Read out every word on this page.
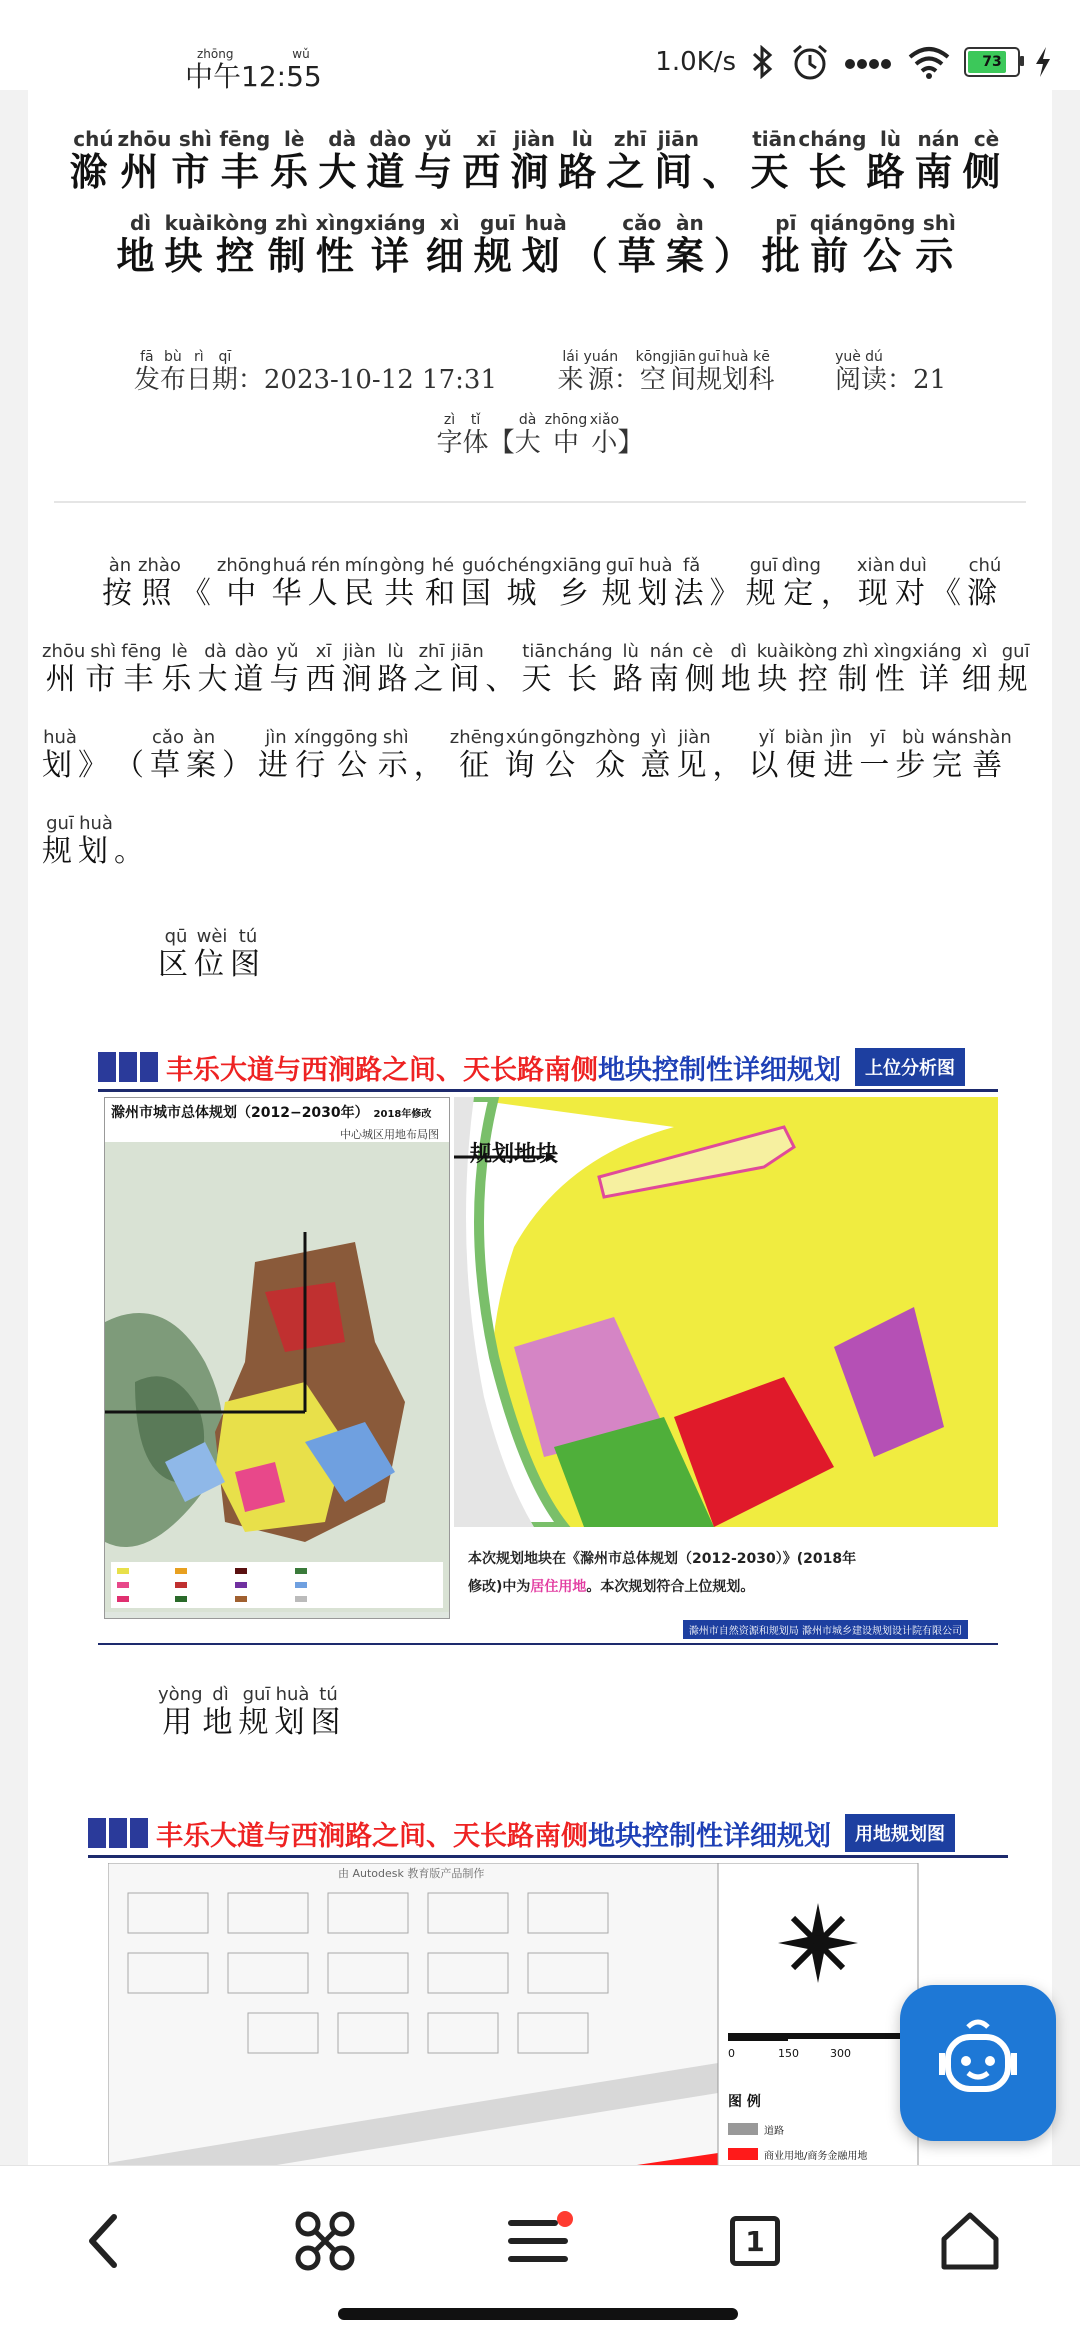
中午12:55zhōng wǔ	1.0K/s	73
滁chú州zhōu市shì丰fēng乐lè大dà道dào与yǔ西xī涧jiàn路lù之zhī间jiān、 天tiān长cháng路lù南nán侧cè地dì块kuài控kòng制zhì性xìng详xiáng细xì规guī划huà（ 草cǎo案àn） 批pī前qián公gōng示shì
发fā布bù日rì期qī：2023-10-12 17:31 来lái源yuán：空kōng间jiān规guī划huà科kē  阅yuè读dú：21
字zì体tǐ【大dà 中zhōng 小xiǎo】

按àn照zhào《 中zhōng华huá人rén民mín共gòng和hé国guó城chéng乡xiāng规guī划huà法fǎ》 规guī定dìng， 现xiàn对duì《 滁chú州zhōu市shì丰fēng乐lè大dà道dào与yǔ西xī涧jiàn路lù之zhī间jiān、 天tiān长cháng路lù南nán侧cè地dì块kuài控kòng制zhì性xìng详xiáng细xì规guī划huà》 （ 草cǎo案àn） 进jìn行xíng公gōng示shì， 征zhēng询xún公gōng众zhòng意yì见jiàn， 以yǐ便biàn进jìn一yī步bù完wán善shàn规guī划huà。

区qū位wèi图tú
丰乐大道与西涧路之间、天长路南侧 地块控制性详细规划	上位分析图
滁州市城市总体规划（2012−2030年） 2018年修改
中心城区用地布局图
规划地块
本次规划地块在《滁州市总体规划（2012-2030）》(2018年
修改)中为居住用地。本次规划符合上位规划。
滁州市自然资源和规划局 滁州市城乡建设规划设计院有限公司
用yòng地dì规guī划huà图tú
丰乐大道与西涧路之间、天长路南侧 地块控制性详细规划	用地规划图
由 Autodesk 教育版产品制作
0	150	300
图 例
道路
商业用地/商务金融用地
1
